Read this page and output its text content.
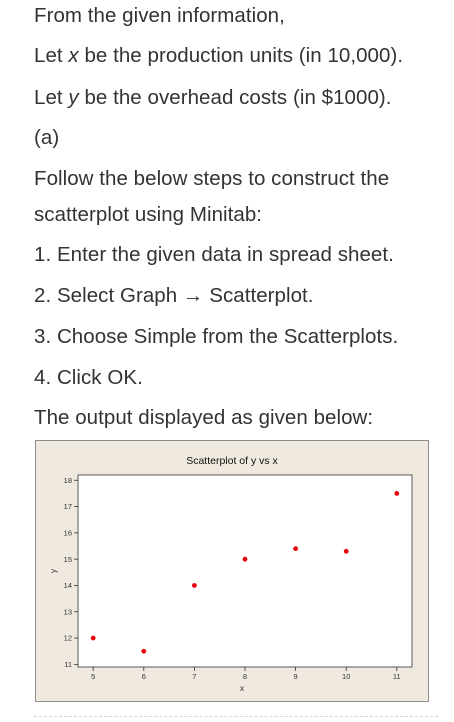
From the given information,
Let x be the production units (in 10,000).
Let y be the overhead costs (in $1000).
(a)
Follow the below steps to construct the
scatterplot using Minitab:
1. Enter the given data in spread sheet.
2. Select Graph → Scatterplot.
3. Choose Simple from the Scatterplots.
4. Click OK.
The output displayed as given below:
Scatterplot of y vs x
x
y
5	6	7	8	9	10	11
11
12
13
14
15
16
17
18
